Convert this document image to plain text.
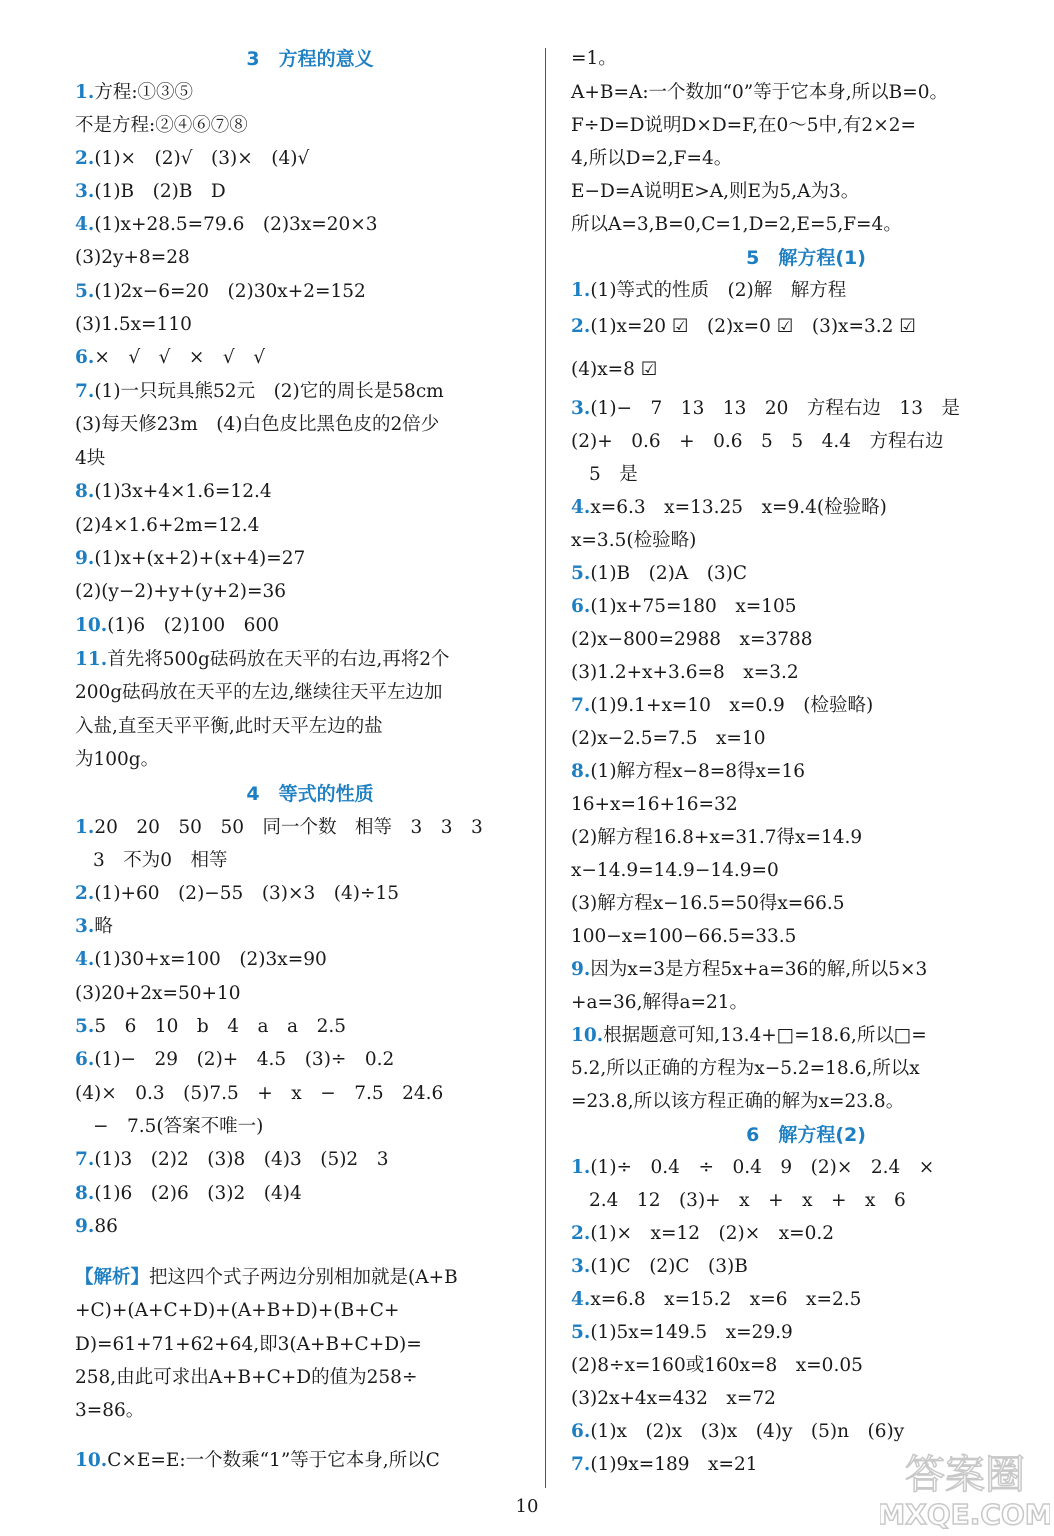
3　方程的意义
1.方程:①③⑤
不是方程:②④⑥⑦⑧
2.(1)×　(2)√　(3)×　(4)√
3.(1)B　(2)B　D
4.(1)x+28.5=79.6　(2)3x=20×3
(3)2y+8=28
5.(1)2x−6=20　(2)30x+2=152
(3)1.5x=110
6.×　√　√　×　√　√
7.(1)一只玩具熊52元　(2)它的周长是58cm
(3)每天修23m　(4)白色皮比黑色皮的2倍少
4块
8.(1)3x+4×1.6=12.4
(2)4×1.6+2m=12.4
9.(1)x+(x+2)+(x+4)=27
(2)(y−2)+y+(y+2)=36
10.(1)6　(2)100　600
11.首先将500g砝码放在天平的右边,再将2个
200g砝码放在天平的左边,继续往天平左边加
入盐,直至天平平衡,此时天平左边的盐
为100g。
4　等式的性质
1.20　20　50　50　同一个数　相等　3　3　3
3　不为0　相等
2.(1)+60　(2)−55　(3)×3　(4)÷15
3.略
4.(1)30+x=100　(2)3x=90
(3)20+2x=50+10
5.5　6　10　b　4　a　a　2.5
6.(1)−　29　(2)+　4.5　(3)÷　0.2
(4)×　0.3　(5)7.5　+　x　−　7.5　24.6
−　7.5(答案不唯一)
7.(1)3　(2)2　(3)8　(4)3　(5)2　3
8.(1)6　(2)6　(3)2　(4)4
9.86
【解析】把这四个式子两边分别相加就是(A+B
+C)+(A+C+D)+(A+B+D)+(B+C+
D)=61+71+62+64,即3(A+B+C+D)=
258,由此可求出A+B+C+D的值为258÷
3=86。
10.C×E=E:一个数乘“1”等于它本身,所以C
=1。
A+B=A:一个数加“0”等于它本身,所以B=0。
F÷D=D说明D×D=F,在0～5中,有2×2=
4,所以D=2,F=4。
E−D=A说明E>A,则E为5,A为3。
所以A=3,B=0,C=1,D=2,E=5,F=4。
5　解方程(1)
1.(1)等式的性质　(2)解　解方程
2.(1)x=20 ☑　(2)x=0 ☑　(3)x=3.2 ☑
(4)x=8 ☑
3.(1)−　7　13　13　20　方程右边　13　是
(2)+　0.6　+　0.6　5　5　4.4　方程右边
5　是
4.x=6.3　x=13.25　x=9.4(检验略)
x=3.5(检验略)
5.(1)B　(2)A　(3)C
6.(1)x+75=180　x=105
(2)x−800=2988　x=3788
(3)1.2+x+3.6=8　x=3.2
7.(1)9.1+x=10　x=0.9　(检验略)
(2)x−2.5=7.5　x=10
8.(1)解方程x−8=8得x=16
16+x=16+16=32
(2)解方程16.8+x=31.7得x=14.9
x−14.9=14.9−14.9=0
(3)解方程x−16.5=50得x=66.5
100−x=100−66.5=33.5
9.因为x=3是方程5x+a=36的解,所以5×3
+a=36,解得a=21。
10.根据题意可知,13.4+□=18.6,所以□=
5.2,所以正确的方程为x−5.2=18.6,所以x
=23.8,所以该方程正确的解为x=23.8。
6　解方程(2)
1.(1)÷　0.4　÷　0.4　9　(2)×　2.4　×
2.4　12　(3)+　x　+　x　+　x　6
2.(1)×　x=12　(2)×　x=0.2
3.(1)C　(2)C　(3)B
4.x=6.8　x=15.2　x=6　x=2.5
5.(1)5x=149.5　x=29.9
(2)8÷x=160或160x=8　x=0.05
(3)2x+4x=432　x=72
6.(1)x　(2)x　(3)x　(4)y　(5)n　(6)y
7.(1)9x=189　x=21
10
答案圈
MXQE.COM
